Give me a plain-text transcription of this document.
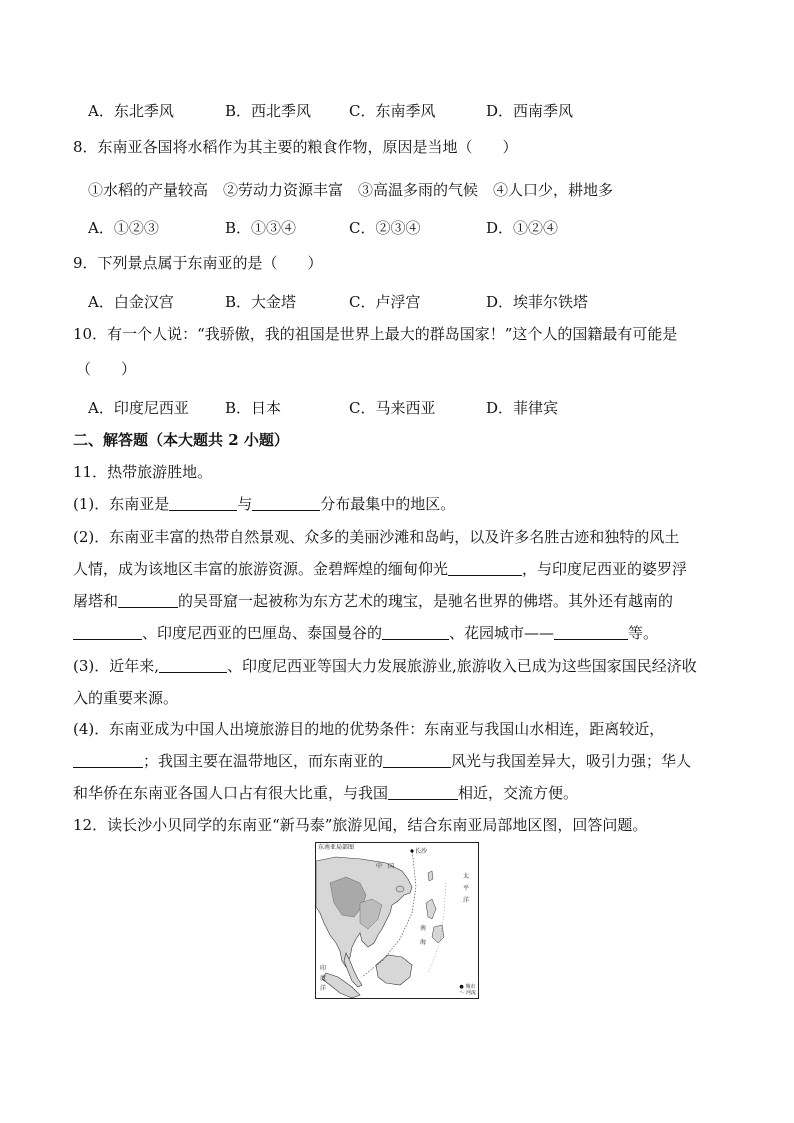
A．东北季风	B．西北季风	C．东南季风	D．西南季风
8．东南亚各国将水稻作为其主要的粮食作物，原因是当地（　　）
①水稻的产量较高　②劳动力资源丰富　③高温多雨的气候　④人口少，耕地多
A．①②③	B．①③④	C．②③④	D．①②④
9．下列景点属于东南亚的是（　　）
A．白金汉宫	B．大金塔	C．卢浮宫	D．埃菲尔铁塔
10．有一个人说：“我骄傲，我的祖国是世界上最大的群岛国家！”这个人的国籍最有可能是
（　　）
A．印度尼西亚 B．日本	C．马来西亚	D．菲律宾
二、解答题（本大题共 2 小题）
11．热带旅游胜地。
(1)．东南亚是	与	分布最集中的地区。
(2)．东南亚丰富的热带自然景观、众多的美丽沙滩和岛屿，以及许多名胜古迹和独特的风土
人情，成为该地区丰富的旅游资源。金碧辉煌的缅甸仰光	，与印度尼西亚的婆罗浮
屠塔和	的吴哥窟一起被称为东方艺术的瑰宝，是驰名世界的佛塔。其外还有越南的
、印度尼西亚的巴厘岛、泰国曼谷的	、花园城市——	等。
(3)．近年来,	、印度尼西亚等国大力发展旅游业,旅游收入已成为这些国家国民经济收
入的重要来源。
(4)．东南亚成为中国人出境旅游目的地的优势条件：东南亚与我国山水相连，距离较近，
；我国主要在温带地区，而东南亚的	风光与我国差异大，吸引力强；华人
和华侨在东南亚各国人口占有很大比重，与我国	相近，交流方便。
12．读长沙小贝同学的东南亚“新马泰”旅游见闻，结合东南亚局部地区图，回答问题。
东南亚局部图
长沙
中　国
太
平
洋
南
海
印
度
洋	● 城市
～ 河流
